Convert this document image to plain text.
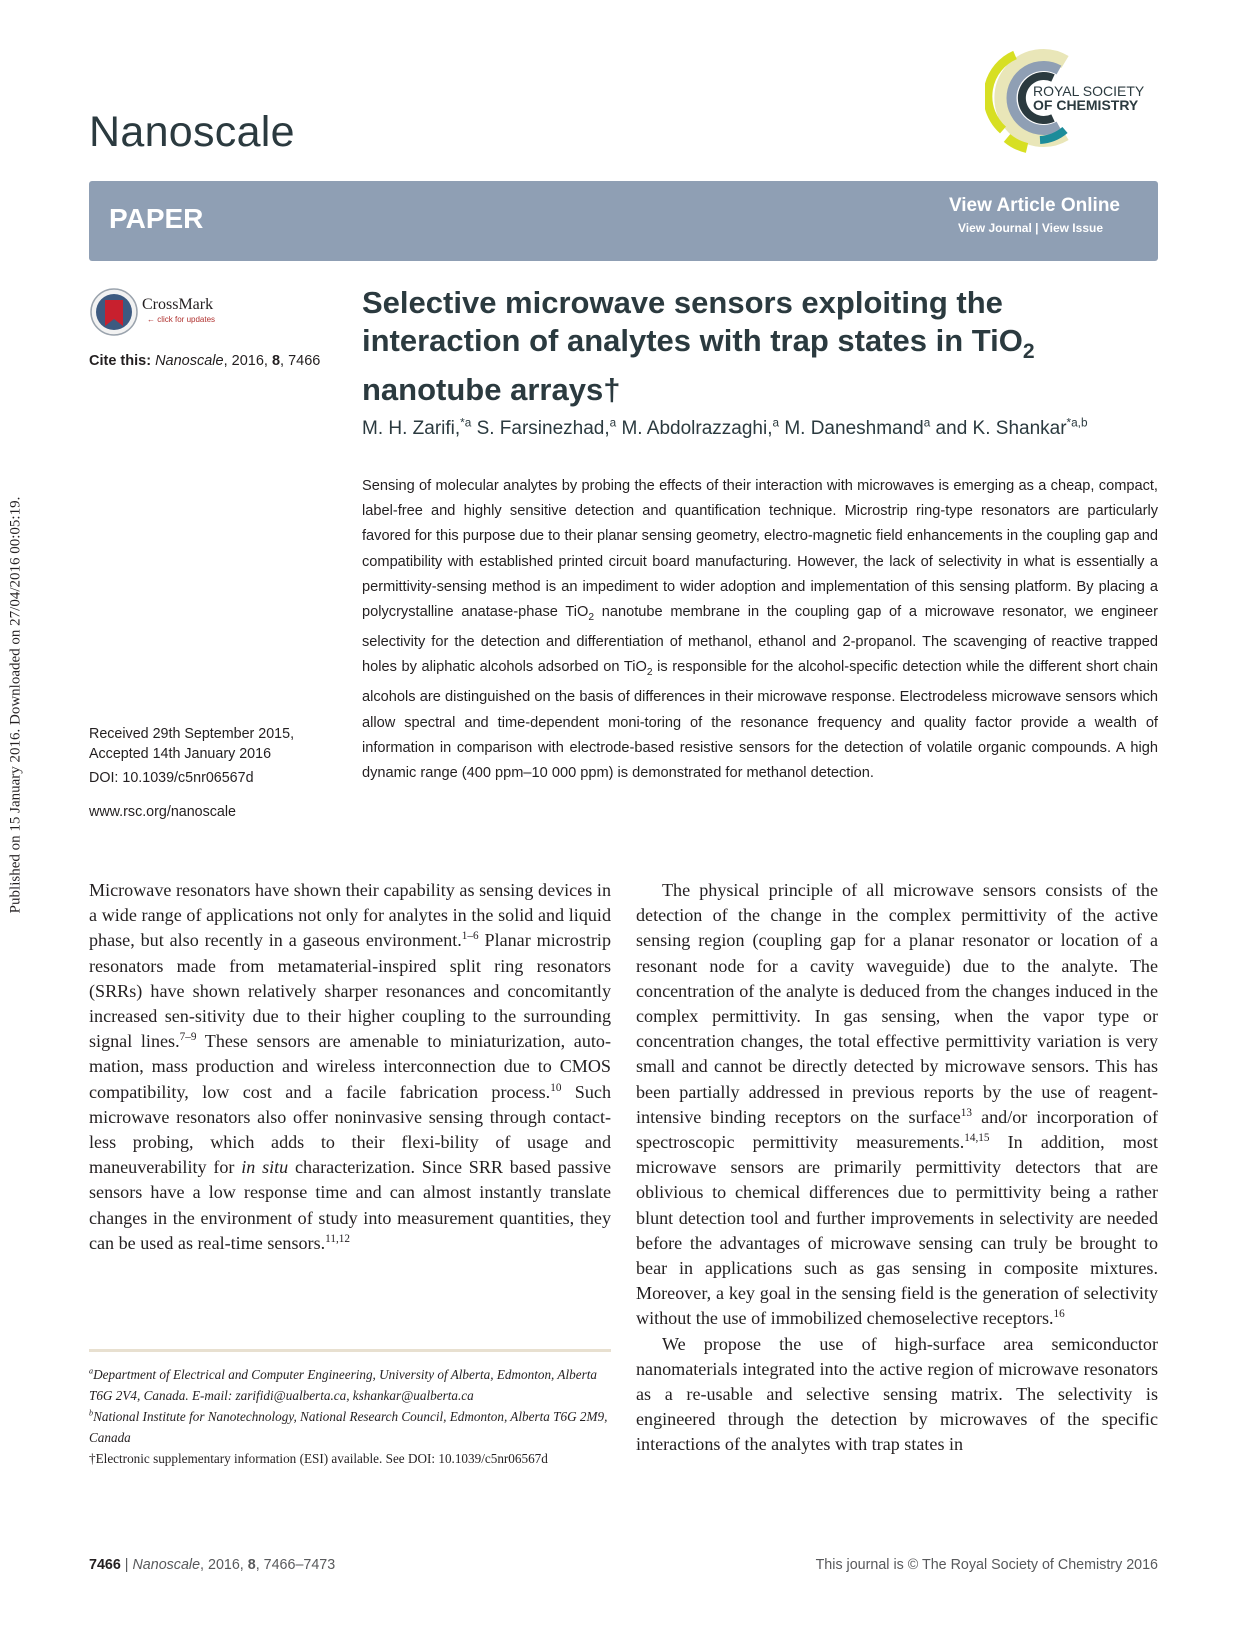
Published on 15 January 2016. Downloaded on 27/04/2016 00:05:19.
Nanoscale
ROYAL SOCIETY
OF CHEMISTRY
PAPER	View Article Online
View Journal | View Issue
CrossMark
← click for updates
Cite this: Nanoscale, 2016, 8, 7466
Selective microwave sensors exploiting the
interaction of analytes with trap states in TiO$_2$
nanotube arrays†
M. H. Zarifi,$^{*a}$ S. Farsinezhad,$^a$ M. Abdolrazzaghi,$^a$ M. Daneshmand$^a$ and K. Shankar$^{*a,b}$
Sensing of molecular analytes by probing the effects of their interaction with microwaves is emerging as a cheap, compact, label-free and highly sensitive detection and quantification technique. Microstrip ring-type resonators are particularly favored for this purpose due to their planar sensing geometry, electro-magnetic field enhancements in the coupling gap and compatibility with established printed circuit board manufacturing. However, the lack of selectivity in what is essentially a permittivity-sensing method is an impediment to wider adoption and implementation of this sensing platform. By placing a polycrystalline anatase-phase TiO$_2$ nanotube membrane in the coupling gap of a microwave resonator, we engineer selectivity for the detection and differentiation of methanol, ethanol and 2-propanol. The scavenging of reactive trapped holes by aliphatic alcohols adsorbed on TiO$_2$ is responsible for the alcohol-specific detection while the different short chain alcohols are distinguished on the basis of differences in their microwave response. Electrodeless microwave sensors which allow spectral and time-dependent moni-toring of the resonance frequency and quality factor provide a wealth of information in comparison with electrode-based resistive sensors for the detection of volatile organic compounds. A high dynamic range (400 ppm–10 000 ppm) is demonstrated for methanol detection.
Received 29th September 2015,
Accepted 14th January 2016
DOI: 10.1039/c5nr06567d
www.rsc.org/nanoscale

Microwave resonators have shown their capability as sensing devices in a wide range of applications not only for analytes in the solid and liquid phase, but also recently in a gaseous environment.$^{1-6}$ Planar microstrip resonators made from metamaterial-inspired split ring resonators (SRRs) have shown relatively sharper resonances and concomitantly increased sen-sitivity due to their higher coupling to the surrounding signal lines.$^{7-9}$ These sensors are amenable to miniaturization, auto-mation, mass production and wireless interconnection due to CMOS compatibility, low cost and a facile fabrication process.$^{10}$ Such microwave resonators also offer noninvasive sensing through contact-less probing, which adds to their flexi-bility of usage and maneuverability for in situ characterization. Since SRR based passive sensors have a low response time and can almost instantly translate changes in the environment of study into measurement quantities, they can be used as real-time sensors.$^{11,12}$

The physical principle of all microwave sensors consists of the detection of the change in the complex permittivity of the active sensing region (coupling gap for a planar resonator or location of a resonant node for a cavity waveguide) due to the analyte. The concentration of the analyte is deduced from the changes induced in the complex permittivity. In gas sensing, when the vapor type or concentration changes, the total effective permittivity variation is very small and cannot be directly detected by microwave sensors. This has been partially addressed in previous reports by the use of reagent-intensive binding receptors on the surface$^{13}$ and/or incorporation of spectroscopic permittivity measurements.$^{14,15}$ In addition, most microwave sensors are primarily permittivity detectors that are oblivious to chemical differences due to permittivity being a rather blunt detection tool and further improvements in selectivity are needed before the advantages of microwave sensing can truly be brought to bear in applications such as gas sensing in composite mixtures. Moreover, a key goal in the sensing field is the generation of selectivity without the use of immobilized chemoselective receptors.$^{16}$

We propose the use of high-surface area semiconductor nanomaterials integrated into the active region of microwave resonators as a re-usable and selective sensing matrix. The selectivity is engineered through the detection by microwaves of the specific interactions of the analytes with trap states in

$^a$Department of Electrical and Computer Engineering, University of Alberta, Edmonton, Alberta T6G 2V4, Canada. E-mail: zarifidi@ualberta.ca, kshankar@ualberta.ca

$^b$National Institute for Nanotechnology, National Research Council, Edmonton, Alberta T6G 2M9, Canada

†Electronic supplementary information (ESI) available. See DOI: 10.1039/c5nr06567d

7466 | Nanoscale, 2016, 8, 7466–7473	This journal is © The Royal Society of Chemistry 2016
